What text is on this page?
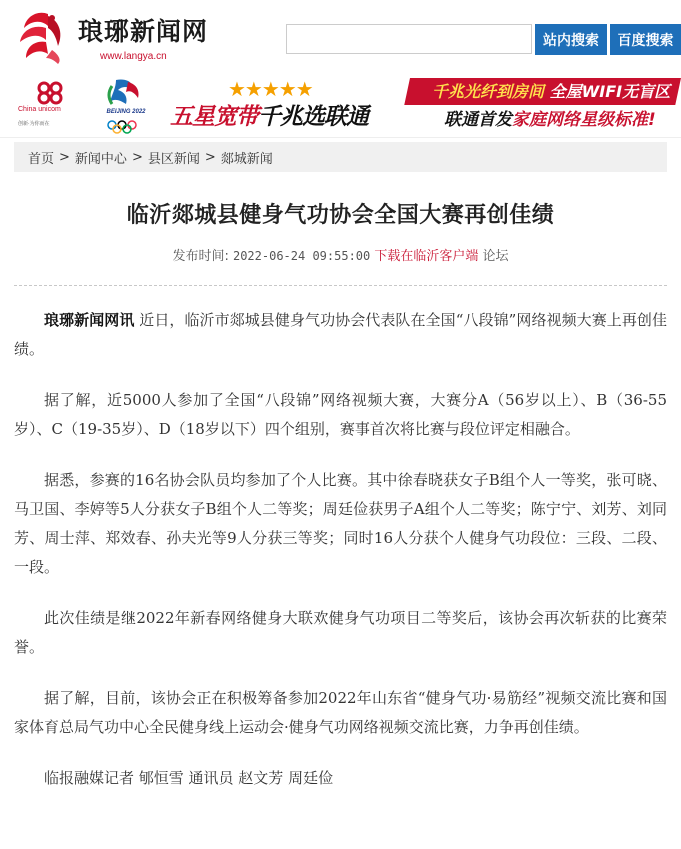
琅琊新闻网
www.langya.cn
站内搜索	百度搜索
China unicom
创新·为你而在
BEIJING 2022
★★★★★
五星宽带千兆选联通
千兆光纤到房间 全屋WIFI无盲区
联通首发家庭网络星级标准!
首页 > 新闻中心 > 县区新闻 > 郯城新闻
临沂郯城县健身气功协会全国大赛再创佳绩
发布时间: 2022-06-24 09:55:00 下载在临沂客户端 论坛

琅琊新闻网讯 近日，临沂市郯城县健身气功协会代表队在全国“八段锦”网络视频大赛上再创佳绩。

据了解，近5000人参加了全国“八段锦”网络视频大赛，大赛分A（56岁以上）、B（36-55岁）、C（19-35岁）、D（18岁以下）四个组别，赛事首次将比赛与段位评定相融合。

据悉，参赛的16名协会队员均参加了个人比赛。其中徐春晓获女子B组个人一等奖，张可晓、马卫国、李婷等5人分获女子B组个人二等奖；周廷俭获男子A组个人二等奖；陈宁宁、刘芳、刘同芳、周士萍、郑效春、孙夫光等9人分获三等奖；同时16人分获个人健身气功段位：三段、二段、一段。

此次佳绩是继2022年新春网络健身大联欢健身气功项目二等奖后，该协会再次斩获的比赛荣誉。

据了解，目前，该协会正在积极筹备参加2022年山东省“健身气功·易筋经”视频交流比赛和国家体育总局气功中心全民健身线上运动会·健身气功网络视频交流比赛，力争再创佳绩。

临报融媒记者 郇恒雪 通讯员 赵文芳 周廷俭
